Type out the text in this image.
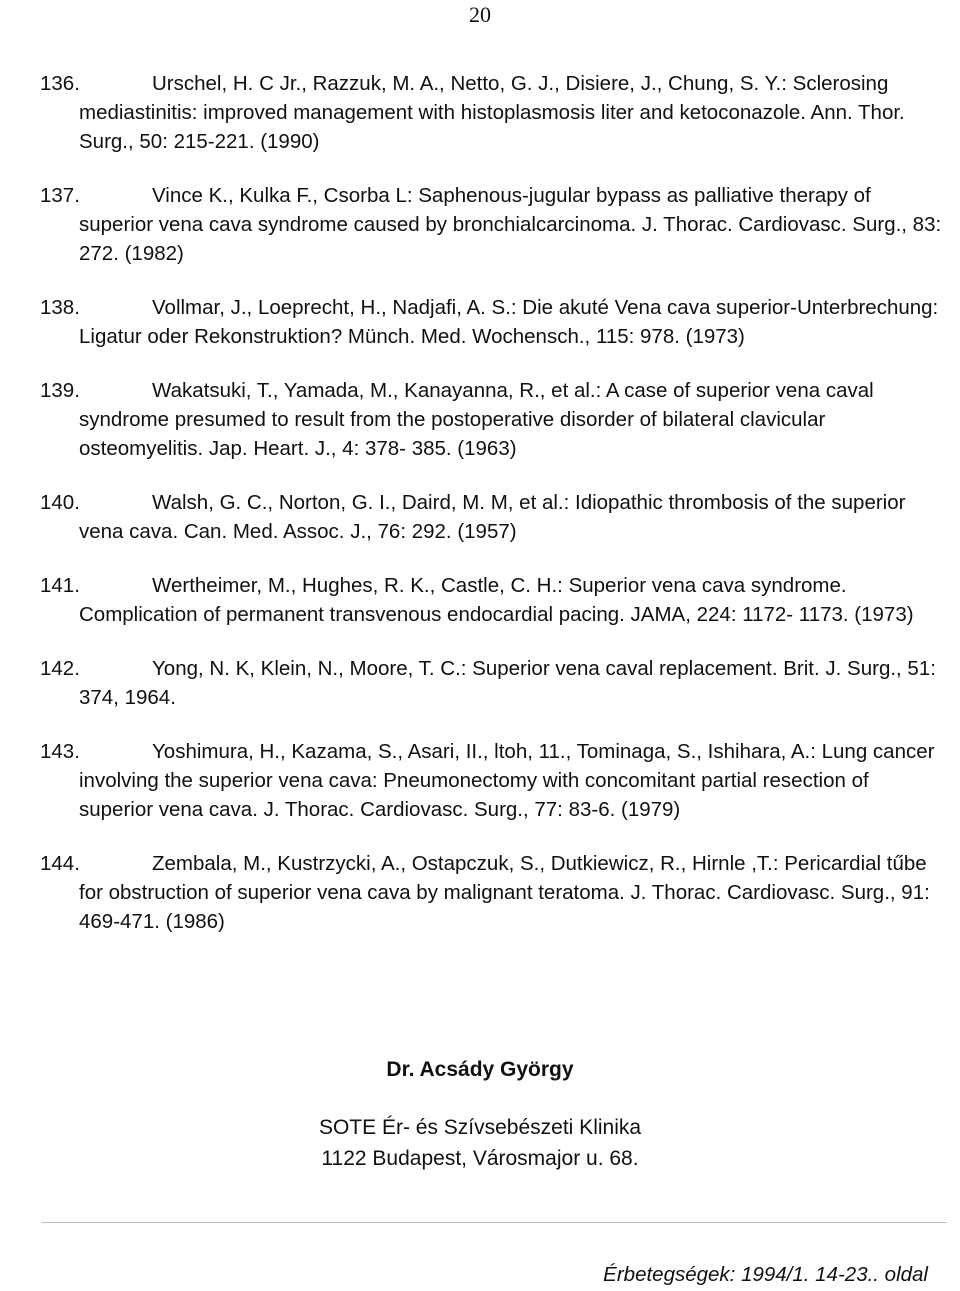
20
136.	Urschel, H. C Jr., Razzuk, M. A., Netto, G. J., Disiere, J., Chung, S. Y.: Sclerosing mediastinitis: improved management with histoplasmosis liter and ketoconazole. Ann. Thor. Surg., 50: 215-221. (1990)
137.	Vince K., Kulka F., Csorba L: Saphenous-jugular bypass as palliative therapy of superior vena cava syndrome caused by bronchialcarcinoma. J. Thorac. Cardiovasc. Surg., 83: 272. (1982)
138.	Vollmar, J., Loeprecht, H., Nadjafi, A. S.: Die akuté Vena cava superior-Unterbrechung: Ligatur oder Rekonstruktion? Münch. Med. Wochensch., 115: 978. (1973)
139.	Wakatsuki, T., Yamada, M., Kanayanna, R., et al.: A case of superior vena caval syndrome presumed to result from the postoperative disorder of bilateral clavicular osteomyelitis. Jap. Heart. J., 4: 378- 385. (1963)
140.	Walsh, G. C., Norton, G. I., Daird, M. M, et al.: Idiopathic thrombosis of the superior vena cava. Can. Med. Assoc. J., 76: 292. (1957)
141.	Wertheimer, M., Hughes, R. K., Castle, C. H.: Superior vena cava syndrome. Complication of permanent transvenous endocardial pacing. JAMA, 224: 1172- 1173. (1973)
142.	Yong, N. K, Klein, N., Moore, T. C.: Superior vena caval replacement. Brit. J. Surg., 51: 374, 1964.
143.	Yoshimura, H., Kazama, S., Asari, II., ltoh, 11., Tominaga, S., Ishihara, A.: Lung cancer involving the superior vena cava: Pneumonectomy with concomitant partial resection of superior vena cava. J. Thorac. Cardiovasc. Surg., 77: 83-6. (1979)
144.	Zembala, M., Kustrzycki, A., Ostapczuk, S., Dutkiewicz, R., Hirnle ,T.: Pericardial tűbe for obstruction of superior vena cava by malignant teratoma. J. Thorac. Cardiovasc. Surg., 91: 469-471. (1986)
Dr. Acsády György
SOTE Ér- és Szívsebészeti Klinika
1122 Budapest, Városmajor u. 68.
Érbetegségek: 1994/1. 14-23.. oldal
